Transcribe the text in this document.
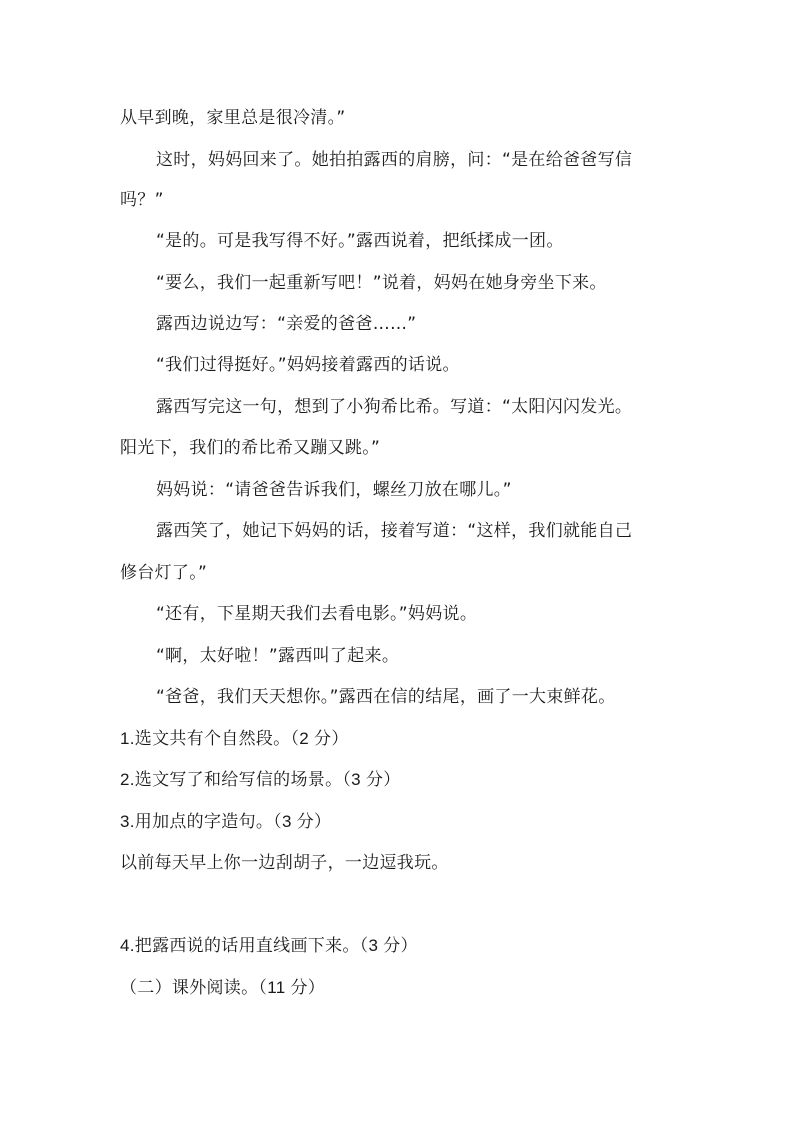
从早到晚，家里总是很冷清。”
这时，妈妈回来了。她拍拍露西的肩膀，问：“是在给爸爸写信
吗？”
“是的。可是我写得不好。”露西说着，把纸揉成一团。
“要么，我们一起重新写吧！”说着，妈妈在她身旁坐下来。
露西边说边写：“亲爱的爸爸……”
“我们过得挺好。”妈妈接着露西的话说。
露西写完这一句，想到了小狗希比希。写道：“太阳闪闪发光。
阳光下，我们的希比希又蹦又跳。”
妈妈说：“请爸爸告诉我们，螺丝刀放在哪儿。”
露西笑了，她记下妈妈的话，接着写道：“这样，我们就能自己
修台灯了。”
“还有，下星期天我们去看电影。”妈妈说。
“啊，太好啦！”露西叫了起来。
“爸爸，我们天天想你。”露西在信的结尾，画了一大束鲜花。
1.选文共有个自然段。（2 分）
2.选文写了和给写信的场景。（3 分）
3.用加点的字造句。（3 分）
以前每天早上你一边刮胡子，一边逗我玩。
4.把露西说的话用直线画下来。（3 分）
（二）课外阅读。（11 分）
